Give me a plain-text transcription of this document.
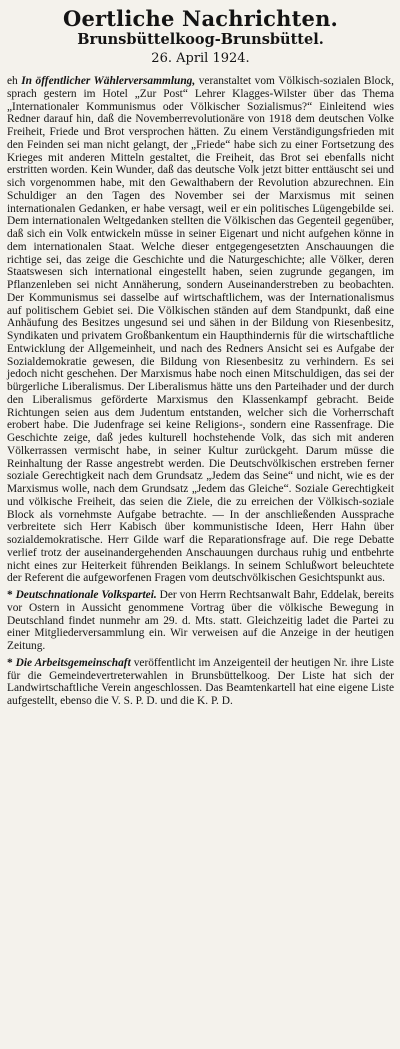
Oertliche Nachrichten.
Brunsbüttelkoog-Brunsbüttel.
26. April 1924.

eh In öffentlicher Wählerversammlung, veranstaltet vom Völkisch-sozialen Block, sprach gestern im Hotel „Zur Post“ Lehrer Klagges-Wilster über das Thema „Internationaler Kommunismus oder Völkischer Sozialismus?“ Einleitend wies Redner darauf hin, daß die Novemberrevolutionäre von 1918 dem deutschen Volke Freiheit, Friede und Brot versprochen hätten. Zu einem Verständigungsfrieden mit den Feinden sei man nicht gelangt, der „Friede“ habe sich zu einer Fortsetzung des Krieges mit anderen Mitteln gestaltet, die Freiheit, das Brot sei ebenfalls nicht erstritten worden. Kein Wunder, daß das deutsche Volk jetzt bitter enttäuscht sei und sich vorgenommen habe, mit den Gewalthabern der Revolution abzurechnen. Ein Schuldiger an den Tagen des November sei der Marxismus mit seinen internationalen Gedanken, er habe versagt, weil er ein politisches Lügengebilde sei. Dem internationalen Weltgedanken stellten die Völkischen das Gegenteil gegenüber, daß sich ein Volk entwickeln müsse in seiner Eigenart und nicht aufgehen könne in dem internationalen Staat. Welche dieser entgegengesetzten Anschauungen die richtige sei, das zeige die Geschichte und die Naturgeschichte; alle Völker, deren Staatswesen sich international eingestellt haben, seien zugrunde gegangen, im Pflanzenleben sei nicht Annäherung, sondern Auseinanderstreben zu beobachten. Der Kommunismus sei dasselbe auf wirtschaftlichem, was der Internationalismus auf politischem Gebiet sei. Die Völkischen ständen auf dem Standpunkt, daß eine Anhäufung des Besitzes ungesund sei und sähen in der Bildung von Riesenbesitz, Syndikaten und privatem Großbankentum ein Haupthindernis für die wirtschaftliche Entwicklung der Allgemeinheit, und nach des Redners Ansicht sei es Aufgabe der Sozialdemokratie gewesen, die Bildung von Riesenbesitz zu verhindern. Es sei jedoch nicht geschehen. Der Marxismus habe noch einen Mitschuldigen, das sei der bürgerliche Liberalismus. Der Liberalismus hätte uns den Parteihader und der durch den Liberalismus geförderte Marxismus den Klassenkampf gebracht. Beide Richtungen seien aus dem Judentum entstanden, welcher sich die Vorherrschaft erobert habe. Die Judenfrage sei keine Religions-, sondern eine Rassenfrage. Die Geschichte zeige, daß jedes kulturell hochstehende Volk, das sich mit anderen Völkerrassen vermischt habe, in seiner Kultur zurückgeht. Darum müsse die Reinhaltung der Rasse angestrebt werden. Die Deutschvölkischen erstreben ferner soziale Gerechtigkeit nach dem Grundsatz „Jedem das Seine“ und nicht, wie es der Marxismus wolle, nach dem Grundsatz „Jedem das Gleiche“. Soziale Gerechtigkeit und völkische Freiheit, das seien die Ziele, die zu erreichen der Völkisch-soziale Block als vornehmste Aufgabe betrachte. — In der anschließenden Aussprache verbreitete sich Herr Kabisch über kommunistische Ideen, Herr Hahn über sozialdemokratische. Herr Gilde warf die Reparationsfrage auf. Die rege Debatte verlief trotz der auseinandergehenden Anschauungen durchaus ruhig und entbehrte nicht eines zur Heiterkeit führenden Beiklangs. In seinem Schlußwort beleuchtete der Referent die aufgeworfenen Fragen vom deutschvölkischen Gesichtspunkt aus.

* Deutschnationale Volkspartei. Der von Herrn Rechtsanwalt Bahr, Eddelak, bereits vor Ostern in Aussicht genommene Vortrag über die völkische Bewegung in Deutschland findet nunmehr am 29. d. Mts. statt. Gleichzeitig ladet die Partei zu einer Mitgliederversammlung ein. Wir verweisen auf die Anzeige in der heutigen Zeitung.

* Die Arbeitsgemeinschaft veröffentlicht im Anzeigenteil der heutigen Nr. ihre Liste für die Gemeindevertreterwahlen in Brunsbüttelkoog. Der Liste hat sich der Landwirtschaftliche Verein angeschlossen. Das Beamtenkartell hat eine eigene Liste aufgestellt, ebenso die V. S. P. D. und die K. P. D.
